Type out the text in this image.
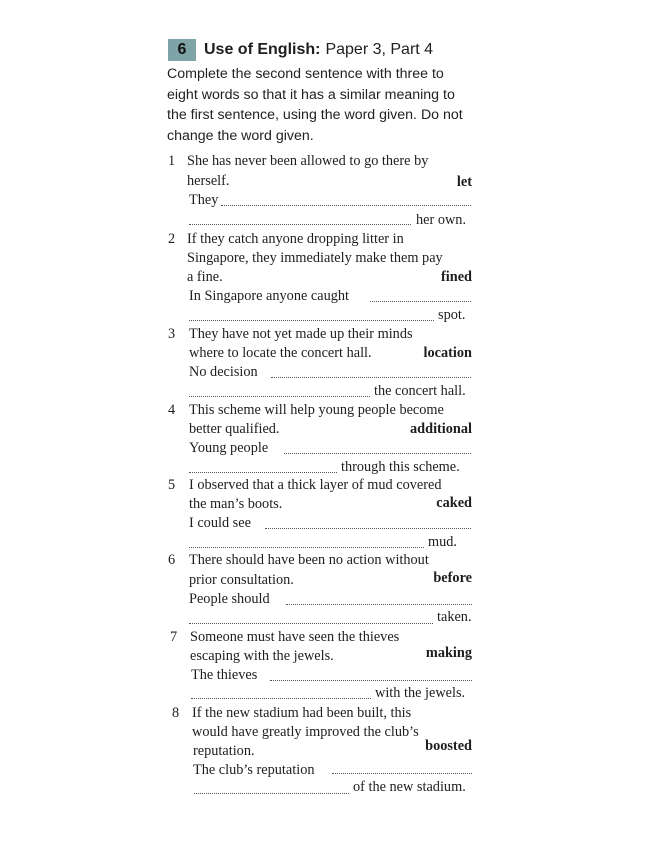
6	Use of English: Paper 3, Part 4
Complete the second sentence with three to eight words so that it has a similar meaning to the first sentence, using the word given. Do not change the word given.
1 She has never been allowed to go there by
herself.	let
They
her own.
2 If they catch anyone dropping litter in
Singapore, they immediately make them pay
a fine.	fined
In Singapore anyone caught
spot.
3 They have not yet made up their minds
where to locate the concert hall.	location
No decision
the concert hall.
4 This scheme will help young people become
better qualified.	additional
Young people
through this scheme.
5 I observed that a thick layer of mud covered
the man’s boots.	caked
I could see
mud.
6 There should have been no action without
prior consultation.	before
People should
taken.
7 Someone must have seen the thieves
escaping with the jewels.	making
The thieves
with the jewels.
8 If the new stadium had been built, this
would have greatly improved the club’s
reputation.	boosted
The club’s reputation
of the new stadium.
